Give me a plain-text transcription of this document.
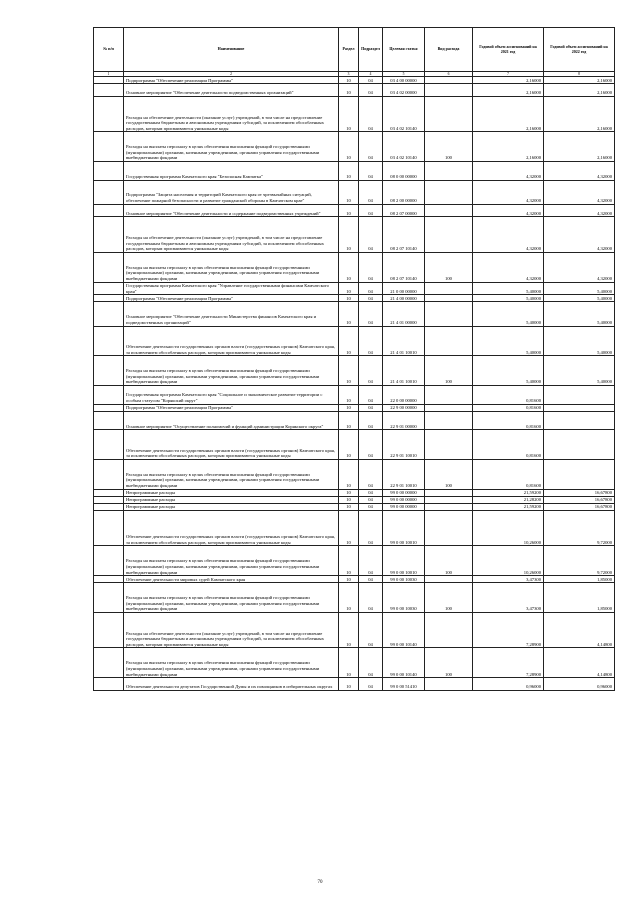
№ п/п	Наименование	Раздел	Подраздел	Целевая статья	Вид расхода	Годовой объем ассигнований на 2021 год	Годовой объем ассигнований на 2022 год
1	2	3	4	5	6	7	8
	Подпрограмма "Обеспечение реализации Программы"	10	04	03 4 00 00000		2,16000	2,16000
	Основное мероприятие "Обеспечение деятельности подведомственных организаций"	10	04	03 4 02 00000		2,16000	2,16000
	Расходы на обеспечение деятельности (оказание услуг) учреждений, в том числе на предоставление государственным бюджетным и автономным учреждениям субсидий, за исключением обособленных расходов, которым присваиваются уникальные коды	10	04	03 4 02 10140		2,16000	2,16000
	Расходы на выплаты персоналу в целях обеспечения выполнения функций государственными (муниципальными) органами, казенными учреждениями, органами управления государственными внебюджетными фондами	10	04	03 4 02 10140	100	2,16000	2,16000
	Государственная программа Камчатского края "Безопасная Камчатка"	10	04	08 0 00 00000		4,32000	4,32000
	Подпрограмма "Защита населения и территорий Камчатского края от чрезвычайных ситуаций, обеспечение пожарной безопасности и развитие гражданской обороны в Камчатском крае"	10	04	08 2 00 00000		4,32000	4,32000
	Основное мероприятие "Обеспечение деятельности и содержание подведомственных учреждений"	10	04	08 2 07 00000		4,32000	4,32000
	Расходы на обеспечение деятельности (оказание услуг) учреждений, в том числе на предоставление государственным бюджетным и автономным учреждениям субсидий, за исключением обособленных расходов, которым присваиваются уникальные коды	10	04	08 2 07 10140		4,32000	4,32000
	Расходы на выплаты персоналу в целях обеспечения выполнения функций государственными (муниципальными) органами, казенными учреждениями, органами управления государственными внебюджетными фондами	10	04	08 2 07 10140	100	4,32000	4,32000
	Государственная программа Камчатского края "Управление государственными финансами Камчатского края"	10	04	21 0 00 00000		5,40000	5,40000
	Подпрограмма "Обеспечение реализации Программы"	10	04	21 4 00 00000		5,40000	5,40000
	Основное мероприятие "Обеспечение деятельности Министерства финансов Камчатского края и подведомственных организаций"	10	04	21 4 01 00000		5,40000	5,40000
	Обеспечение деятельности государственных органов власти (государственных органов) Камчатского края, за исключением обособленных расходов, которым присваиваются уникальные коды	10	04	21 4 01 10010		5,40000	5,40000
	Расходы на выплаты персоналу в целях обеспечения выполнения функций государственными (муниципальными) органами, казенными учреждениями, органами управления государственными внебюджетными фондами	10	04	21 4 01 10010	100	5,40000	5,40000
	Государственная программа Камчатского края "Социальное и экономическое развитие территории с особым статусом "Корякский округ"	10	04	22 0 00 00000		0,81600	
	Подпрограмма "Обеспечение реализации Программы"	10	04	22 9 00 00000		0,81600	
	Основное мероприятие "Осуществление полномочий и функций администрации Корякского округа"	10	04	22 9 01 00000		0,81600	
	Обеспечение деятельности государственных органов власти (государственных органов) Камчатского края, за исключением обособленных расходов, которым присваиваются уникальные коды	10	04	22 9 01 10010		0,81600	
	Расходы на выплаты персоналу в целях обеспечения выполнения функций государственными (муниципальными) органами, казенными учреждениями, органами управления государственными внебюджетными фондами	10	04	22 9 01 10010	100	0,81600	
	Непрограммные расходы	10	04	99 0 00 00000		21,59200	16,67800
	Непрограммные расходы	10	04	99 0 00 00000		21,28200	16,67800
	Непрограммные расходы	10	04	99 0 00 00000		21,59200	16,67800
	Обеспечение деятельности государственных органов власти (государственных органов) Камчатского края, за исключением обособленных расходов, которым присваиваются уникальные коды	10	04	99 0 00 10010		10,26000	9,72000
	Расходы на выплаты персоналу в целях обеспечения выполнения функций государственными (муниципальными) органами, казенными учреждениями, органами управления государственными внебюджетными фондами	10	04	99 0 00 10010	100	10,26000	9,72000
	Обеспечение деятельности мировых судей Камчатского края	10	04	99 0 00 10030		3,47300	1,85000
	Расходы на выплаты персоналу в целях обеспечения выполнения функций государственными (муниципальными) органами, казенными учреждениями, органами управления государственными внебюджетными фондами	10	04	99 0 00 10030	100	3,47300	1,85000
	Расходы на обеспечение деятельности (оказание услуг) учреждений, в том числе на предоставление государственным бюджетным и автономным учреждениям субсидий, за исключением обособленных расходов, которым присваиваются уникальные коды	10	04	99 0 00 10140		7,28900	4,14800
	Расходы на выплаты персоналу в целях обеспечения выполнения функций государственными (муниципальными) органами, казенными учреждениями, органами управления государственными внебюджетными фондами	10	04	99 0 00 10140	100	7,28900	4,14800
	Обеспечение деятельности депутатов Государственной Думы и их помощников в избирательных округах	10	04	99 0 00 51410		0,96000	0,96000
70
